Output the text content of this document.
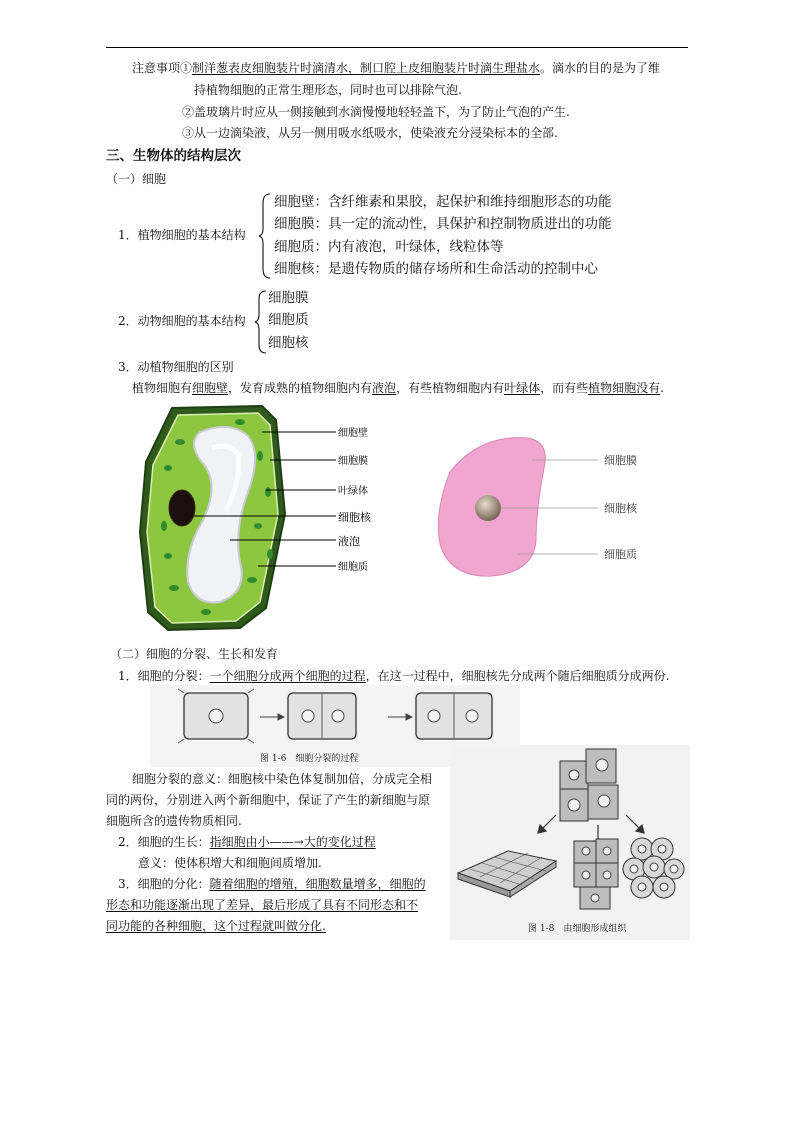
注意事项①制洋葱表皮细胞装片时滴清水，制口腔上皮细胞装片时滴生理盐水。滴水的目的是为了维
持植物细胞的正常生理形态，同时也可以排除气泡.
②盖玻璃片时应从一侧接触到水滴慢慢地轻轻盖下，为了防止气泡的产生.
③从一边滴染液，从另一侧用吸水纸吸水，使染液充分浸染标本的全部.
三、生物体的结构层次
（一）细胞
1．植物细胞的基本结构
细胞壁：含纤维素和果胶，起保护和维持细胞形态的功能
细胞膜：具一定的流动性，具保护和控制物质进出的功能
细胞质：内有液泡，叶绿体，线粒体等
细胞核：是遗传物质的储存场所和生命活动的控制中心
2．动物细胞的基本结构
细胞膜
细胞质
细胞核
3．动植物细胞的区别
植物细胞有细胞壁，发育成熟的植物细胞内有液泡，有些植物细胞内有叶绿体，而有些植物细胞没有.
细胞壁
细胞膜
叶绿体
细胞核
液泡
细胞质
细胞膜
细胞核
细胞质
（二）细胞的分裂、生长和发育
1．细胞的分裂：一个细胞分成两个细胞的过程，在这一过程中，细胞核先分成两个随后细胞质分成两份.
图 1-6　细胞分裂的过程
细胞分裂的意义：细胞核中染色体复制加倍，分成完全相
同的两份，分别进入两个新细胞中，保证了产生的新细胞与原
细胞所含的遗传物质相同.
2．细胞的生长：指细胞由小——→大的变化过程
意义：使体积增大和细胞间质增加.
3．细胞的分化：随着细胞的增殖，细胞数量增多，细胞的
形态和功能逐渐出现了差异，最后形成了具有不同形态和不
同功能的各种细胞，这个过程就叫做分化.	图 1-8　由细胞形成组织
